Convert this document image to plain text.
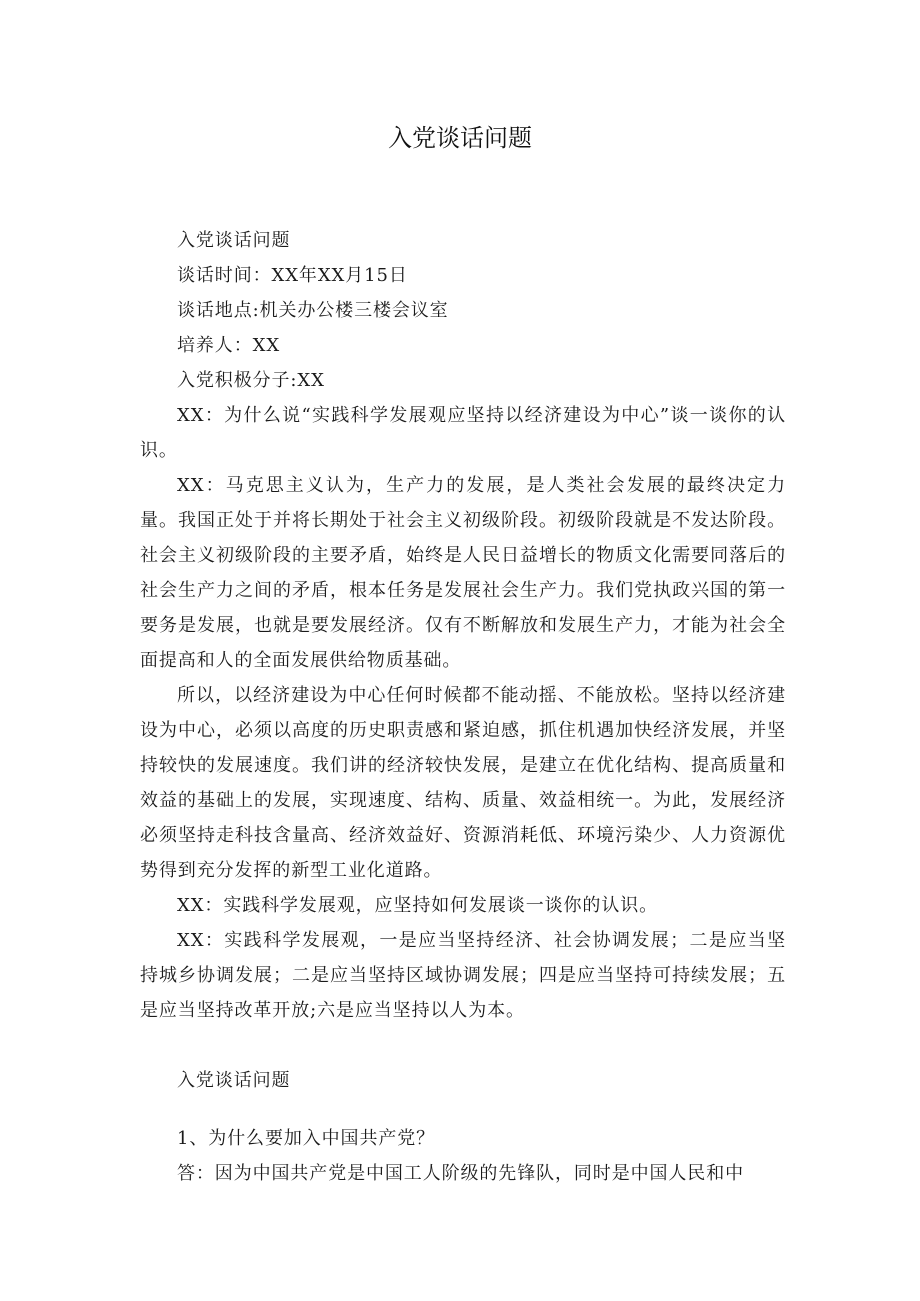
入党谈话问题

入党谈话问题

谈话时间：XX年XX月15日

谈话地点:机关办公楼三楼会议室

培养人：XX

入党积极分子:XX

XX：为什么说“实践科学发展观应坚持以经济建设为中心”谈一谈你的认识。

XX：马克思主义认为，生产力的发展，是人类社会发展的最终决定力量。我国正处于并将长期处于社会主义初级阶段。初级阶段就是不发达阶段。社会主义初级阶段的主要矛盾，始终是人民日益增长的物质文化需要同落后的社会生产力之间的矛盾，根本任务是发展社会生产力。我们党执政兴国的第一要务是发展，也就是要发展经济。仅有不断解放和发展生产力，才能为社会全面提高和人的全面发展供给物质基础。

所以，以经济建设为中心任何时候都不能动摇、不能放松。坚持以经济建设为中心，必须以高度的历史职责感和紧迫感，抓住机遇加快经济发展，并坚持较快的发展速度。我们讲的经济较快发展，是建立在优化结构、提高质量和效益的基础上的发展，实现速度、结构、质量、效益相统一。为此，发展经济必须坚持走科技含量高、经济效益好、资源消耗低、环境污染少、人力资源优势得到充分发挥的新型工业化道路。

XX：实践科学发展观，应坚持如何发展谈一谈你的认识。

XX：实践科学发展观，一是应当坚持经济、社会协调发展；二是应当坚持城乡协调发展；二是应当坚持区域协调发展；四是应当坚持可持续发展；五是应当坚持改革开放;六是应当坚持以人为本。

入党谈话问题

1、为什么要加入中国共产党？

答：因为中国共产党是中国工人阶级的先锋队，同时是中国人民和中
